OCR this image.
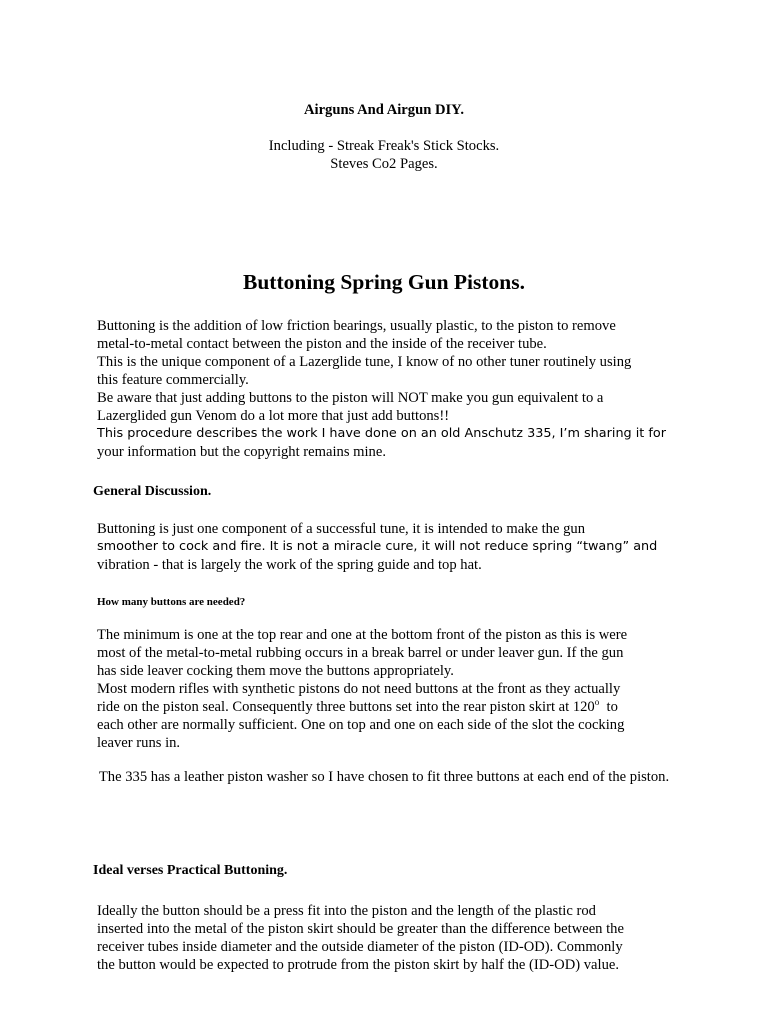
Airguns And Airgun DIY.
Including - Streak Freak's Stick Stocks.
Steves Co2 Pages.
Buttoning Spring Gun Pistons.
Buttoning is the addition of low friction bearings, usually plastic, to the piston to remove
metal-to-metal contact between the piston and the inside of the receiver tube.
This is the unique component of a Lazerglide tune, I know of no other tuner routinely using
this feature commercially.
Be aware that just adding buttons to the piston will NOT make you gun equivalent to a
Lazerglided gun Venom do a lot more that just add buttons!!
This procedure describes the work I have done on an old Anschutz 335, I’m sharing it for
your information but the copyright remains mine.
General Discussion.
Buttoning is just one component of a successful tune, it is intended to make the gun
smoother to cock and fire. It is not a miracle cure, it will not reduce spring “twang” and
vibration - that is largely the work of the spring guide and top hat.
How many buttons are needed?
The minimum is one at the top rear and one at the bottom front of the piston as this is were
most of the metal-to-metal rubbing occurs in a break barrel or under leaver gun. If the gun
has side leaver cocking them move the buttons appropriately.
Most modern rifles with synthetic pistons do not need buttons at the front as they actually
ride on the piston seal. Consequently three buttons set into the rear piston skirt at 120$^o$  to
each other are normally sufficient. One on top and one on each side of the slot the cocking
leaver runs in.
The 335 has a leather piston washer so I have chosen to fit three buttons at each end of the piston.
Ideal verses Practical Buttoning.
Ideally the button should be a press fit into the piston and the length of the plastic rod
inserted into the metal of the piston skirt should be greater than the difference between the
receiver tubes inside diameter and the outside diameter of the piston (ID-OD). Commonly
the button would be expected to protrude from the piston skirt by half the (ID-OD) value.
